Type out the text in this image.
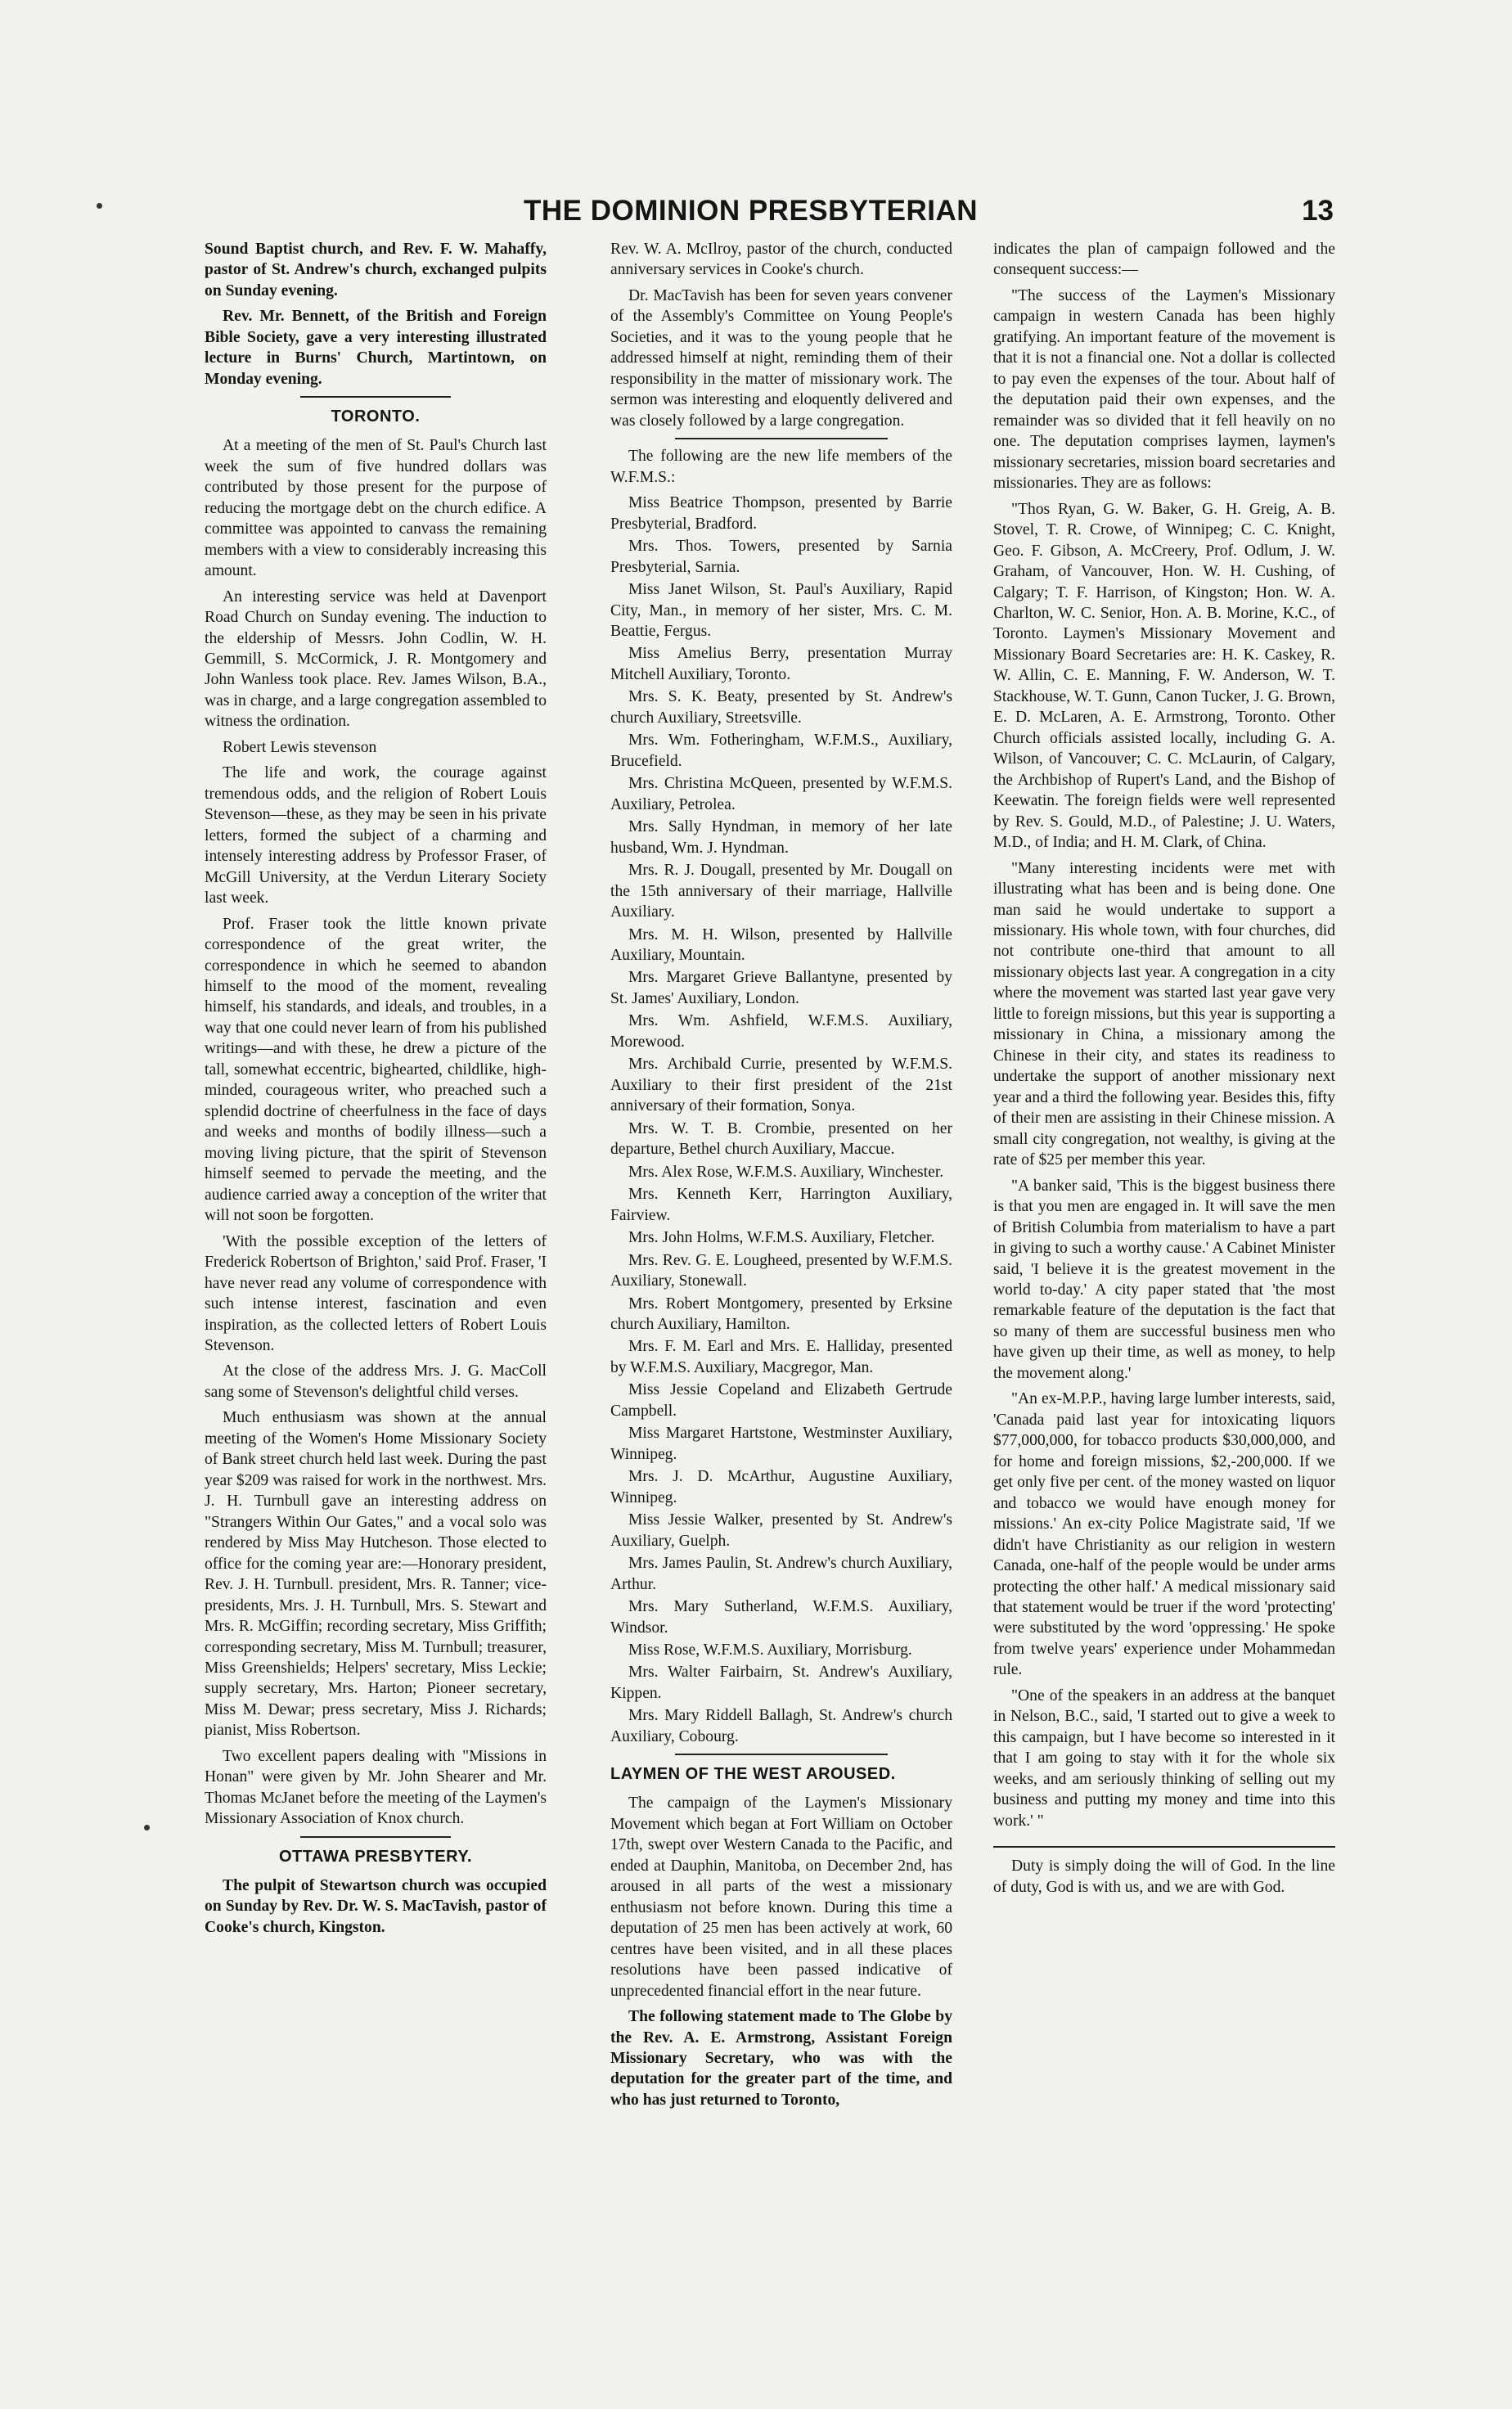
THE DOMINION PRESBYTERIAN	13

Sound Baptist church, and Rev. F. W. Mahaffy, pastor of St. Andrew's church, exchanged pulpits on Sunday evening.

Rev. Mr. Bennett, of the British and Foreign Bible Society, gave a very interesting illustrated lecture in Burns' Church, Martintown, on Monday evening.

TORONTO.

At a meeting of the men of St. Paul's Church last week the sum of five hundred dollars was contributed by those present for the purpose of reducing the mortgage debt on the church edifice. A committee was appointed to canvass the remaining members with a view to considerably increasing this amount.

An interesting service was held at Davenport Road Church on Sunday evening. The induction to the eldership of Messrs. John Codlin, W. H. Gemmill, S. McCormick, J. R. Montgomery and John Wanless took place. Rev. James Wilson, B.A., was in charge, and a large congregation assembled to witness the ordination.

Robert Lewis stevenson

The life and work, the courage against tremendous odds, and the religion of Robert Louis Stevenson—these, as they may be seen in his private letters, formed the subject of a charming and intensely interesting address by Professor Fraser, of McGill University, at the Verdun Literary Society last week.

Prof. Fraser took the little known private correspondence of the great writer, the correspondence in which he seemed to abandon himself to the mood of the moment, revealing himself, his standards, and ideals, and troubles, in a way that one could never learn of from his published writings—and with these, he drew a picture of the tall, somewhat eccentric, bighearted, childlike, high-minded, courageous writer, who preached such a splendid doctrine of cheerfulness in the face of days and weeks and months of bodily illness—such a moving living picture, that the spirit of Stevenson himself seemed to pervade the meeting, and the audience carried away a conception of the writer that will not soon be forgotten.

'With the possible exception of the letters of Frederick Robertson of Brighton,' said Prof. Fraser, 'I have never read any volume of correspondence with such intense interest, fascination and even inspiration, as the collected letters of Robert Louis Stevenson.

At the close of the address Mrs. J. G. MacColl sang some of Stevenson's delightful child verses.

Much enthusiasm was shown at the annual meeting of the Women's Home Missionary Society of Bank street church held last week. During the past year $209 was raised for work in the northwest. Mrs. J. H. Turnbull gave an interesting address on "Strangers Within Our Gates," and a vocal solo was rendered by Miss May Hutcheson. Those elected to office for the coming year are:—Honorary president, Rev. J. H. Turnbull. president, Mrs. R. Tanner; vice-presidents, Mrs. J. H. Turnbull, Mrs. S. Stewart and Mrs. R. McGiffin; recording secretary, Miss Griffith; corresponding secretary, Miss M. Turnbull; treasurer, Miss Greenshields; Helpers' secretary, Miss Leckie; supply secretary, Mrs. Harton; Pioneer secretary, Miss M. Dewar; press secretary, Miss J. Richards; pianist, Miss Robertson.

Two excellent papers dealing with "Missions in Honan" were given by Mr. John Shearer and Mr. Thomas McJanet before the meeting of the Laymen's Missionary Association of Knox church.

OTTAWA PRESBYTERY.

The pulpit of Stewartson church was occupied on Sunday by Rev. Dr. W. S. MacTavish, pastor of Cooke's church, Kingston.

Rev. W. A. McIlroy, pastor of the church, conducted anniversary services in Cooke's church.

Dr. MacTavish has been for seven years convener of the Assembly's Committee on Young People's Societies, and it was to the young people that he addressed himself at night, reminding them of their responsibility in the matter of missionary work. The sermon was interesting and eloquently delivered and was closely followed by a large congregation.

The following are the new life members of the W.F.M.S.:

Miss Beatrice Thompson, presented by Barrie Presbyterial, Bradford.

Mrs. Thos. Towers, presented by Sarnia Presbyterial, Sarnia.

Miss Janet Wilson, St. Paul's Auxiliary, Rapid City, Man., in memory of her sister, Mrs. C. M. Beattie, Fergus.

Miss Amelius Berry, presentation Murray Mitchell Auxiliary, Toronto.

Mrs. S. K. Beaty, presented by St. Andrew's church Auxiliary, Streetsville.

Mrs. Wm. Fotheringham, W.F.M.S., Auxiliary, Brucefield.

Mrs. Christina McQueen, presented by W.F.M.S. Auxiliary, Petrolea.

Mrs. Sally Hyndman, in memory of her late husband, Wm. J. Hyndman.

Mrs. R. J. Dougall, presented by Mr. Dougall on the 15th anniversary of their marriage, Hallville Auxiliary.

Mrs. M. H. Wilson, presented by Hallville Auxiliary, Mountain.

Mrs. Margaret Grieve Ballantyne, presented by St. James' Auxiliary, London.

Mrs. Wm. Ashfield, W.F.M.S. Auxiliary, Morewood.

Mrs. Archibald Currie, presented by W.F.M.S. Auxiliary to their first president of the 21st anniversary of their formation, Sonya.

Mrs. W. T. B. Crombie, presented on her departure, Bethel church Auxiliary, Maccue.

Mrs. Alex Rose, W.F.M.S. Auxiliary, Winchester.

Mrs. Kenneth Kerr, Harrington Auxiliary, Fairview.

Mrs. John Holms, W.F.M.S. Auxiliary, Fletcher.

Mrs. Rev. G. E. Lougheed, presented by W.F.M.S. Auxiliary, Stonewall.

Mrs. Robert Montgomery, presented by Erksine church Auxiliary, Hamilton.

Mrs. F. M. Earl and Mrs. E. Halliday, presented by W.F.M.S. Auxiliary, Macgregor, Man.

Miss Jessie Copeland and Elizabeth Gertrude Campbell.

Miss Margaret Hartstone, Westminster Auxiliary, Winnipeg.

Mrs. J. D. McArthur, Augustine Auxiliary, Winnipeg.

Miss Jessie Walker, presented by St. Andrew's Auxiliary, Guelph.

Mrs. James Paulin, St. Andrew's church Auxiliary, Arthur.

Mrs. Mary Sutherland, W.F.M.S. Auxiliary, Windsor.

Miss Rose, W.F.M.S. Auxiliary, Morrisburg.

Mrs. Walter Fairbairn, St. Andrew's Auxiliary, Kippen.

Mrs. Mary Riddell Ballagh, St. Andrew's church Auxiliary, Cobourg.

LAYMEN OF THE WEST AROUSED.

The campaign of the Laymen's Missionary Movement which began at Fort William on October 17th, swept over Western Canada to the Pacific, and ended at Dauphin, Manitoba, on December 2nd, has aroused in all parts of the west a missionary enthusiasm not before known. During this time a deputation of 25 men has been actively at work, 60 centres have been visited, and in all these places resolutions have been passed indicative of unprecedented financial effort in the near future.

The following statement made to The Globe by the Rev. A. E. Armstrong, Assistant Foreign Missionary Secretary, who was with the deputation for the greater part of the time, and who has just returned to Toronto,

indicates the plan of campaign followed and the consequent success:—

"The success of the Laymen's Missionary campaign in western Canada has been highly gratifying. An important feature of the movement is that it is not a financial one. Not a dollar is collected to pay even the expenses of the tour. About half of the deputation paid their own expenses, and the remainder was so divided that it fell heavily on no one. The deputation comprises laymen, laymen's missionary secretaries, mission board secretaries and missionaries. They are as follows:

"Thos Ryan, G. W. Baker, G. H. Greig, A. B. Stovel, T. R. Crowe, of Winnipeg; C. C. Knight, Geo. F. Gibson, A. McCreery, Prof. Odlum, J. W. Graham, of Vancouver, Hon. W. H. Cushing, of Calgary; T. F. Harrison, of Kingston; Hon. W. A. Charlton, W. C. Senior, Hon. A. B. Morine, K.C., of Toronto. Laymen's Missionary Movement and Missionary Board Secretaries are: H. K. Caskey, R. W. Allin, C. E. Manning, F. W. Anderson, W. T. Stackhouse, W. T. Gunn, Canon Tucker, J. G. Brown, E. D. McLaren, A. E. Armstrong, Toronto. Other Church officials assisted locally, including G. A. Wilson, of Vancouver; C. C. McLaurin, of Calgary, the Archbishop of Rupert's Land, and the Bishop of Keewatin. The foreign fields were well represented by Rev. S. Gould, M.D., of Palestine; J. U. Waters, M.D., of India; and H. M. Clark, of China.

"Many interesting incidents were met with illustrating what has been and is being done. One man said he would undertake to support a missionary. His whole town, with four churches, did not contribute one-third that amount to all missionary objects last year. A congregation in a city where the movement was started last year gave very little to foreign missions, but this year is supporting a missionary in China, a missionary among the Chinese in their city, and states its readiness to undertake the support of another missionary next year and a third the following year. Besides this, fifty of their men are assisting in their Chinese mission. A small city congregation, not wealthy, is giving at the rate of $25 per member this year.

"A banker said, 'This is the biggest business there is that you men are engaged in. It will save the men of British Columbia from materialism to have a part in giving to such a worthy cause.' A Cabinet Minister said, 'I believe it is the greatest movement in the world to-day.' A city paper stated that 'the most remarkable feature of the deputation is the fact that so many of them are successful business men who have given up their time, as well as money, to help the movement along.'

"An ex-M.P.P., having large lumber interests, said, 'Canada paid last year for intoxicating liquors $77,000,000, for tobacco products $30,000,000, and for home and foreign missions, $2,-200,000. If we get only five per cent. of the money wasted on liquor and tobacco we would have enough money for missions.' An ex-city Police Magistrate said, 'If we didn't have Christianity as our religion in western Canada, one-half of the people would be under arms protecting the other half.' A medical missionary said that statement would be truer if the word 'protecting' were substituted by the word 'oppressing.' He spoke from twelve years' experience under Mohammedan rule.

"One of the speakers in an address at the banquet in Nelson, B.C., said, 'I started out to give a week to this campaign, but I have become so interested in it that I am going to stay with it for the whole six weeks, and am seriously thinking of selling out my business and putting my money and time into this work.' "

Duty is simply doing the will of God. In the line of duty, God is with us, and we are with God.
